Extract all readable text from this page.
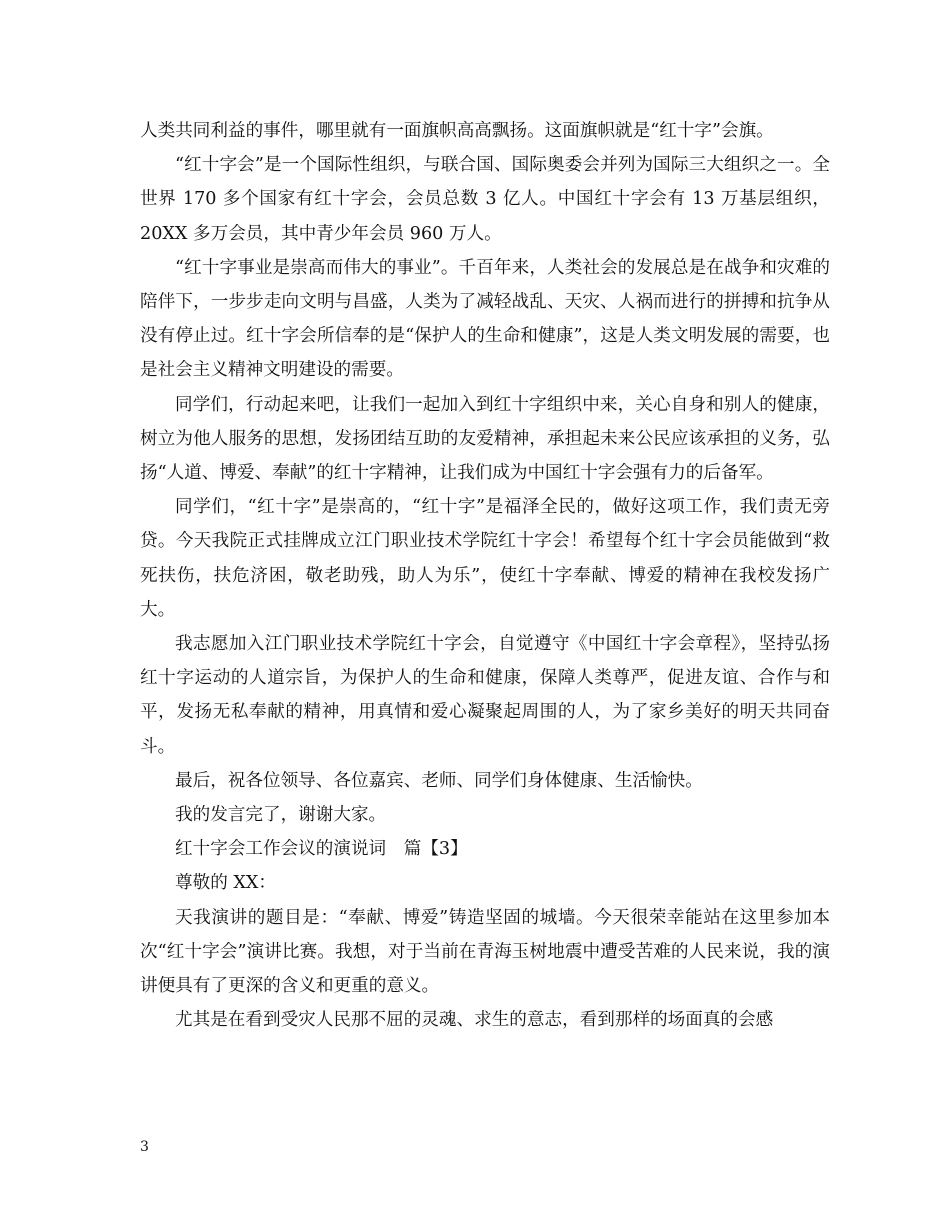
人类共同利益的事件，哪里就有一面旗帜高高飘扬。这面旗帜就是“红十字”会旗。

“红十字会”是一个国际性组织，与联合国、国际奥委会并列为国际三大组织之一。全世界 170 多个国家有红十字会，会员总数 3 亿人。中国红十字会有 13 万基层组织，20XX 多万会员，其中青少年会员 960 万人。

“红十字事业是崇高而伟大的事业”。千百年来，人类社会的发展总是在战争和灾难的陪伴下，一步步走向文明与昌盛，人类为了减轻战乱、天灾、人祸而进行的拼搏和抗争从没有停止过。红十字会所信奉的是“保护人的生命和健康”，这是人类文明发展的需要，也是社会主义精神文明建设的需要。

同学们，行动起来吧，让我们一起加入到红十字组织中来，关心自身和别人的健康，树立为他人服务的思想，发扬团结互助的友爱精神，承担起未来公民应该承担的义务，弘扬“人道、博爱、奉献”的红十字精神，让我们成为中国红十字会强有力的后备军。

同学们，“红十字”是崇高的，“红十字”是福泽全民的，做好这项工作，我们责无旁贷。今天我院正式挂牌成立江门职业技术学院红十字会！希望每个红十字会员能做到“救死扶伤，扶危济困，敬老助残，助人为乐”，使红十字奉献、博爱的精神在我校发扬广大。

我志愿加入江门职业技术学院红十字会，自觉遵守《中国红十字会章程》，坚持弘扬红十字运动的人道宗旨，为保护人的生命和健康，保障人类尊严，促进友谊、合作与和平，发扬无私奉献的精神，用真情和爱心凝聚起周围的人，为了家乡美好的明天共同奋斗。

最后，祝各位领导、各位嘉宾、老师、同学们身体健康、生活愉快。

我的发言完了，谢谢大家。

红十字会工作会议的演说词　篇【3】

尊敬的 XX：

天我演讲的题目是：“奉献、博爱”铸造坚固的城墙。今天很荣幸能站在这里参加本次“红十字会”演讲比赛。我想，对于当前在青海玉树地震中遭受苦难的人民来说，我的演讲便具有了更深的含义和更重的意义。

尤其是在看到受灾人民那不屈的灵魂、求生的意志，看到那样的场面真的会感

3
